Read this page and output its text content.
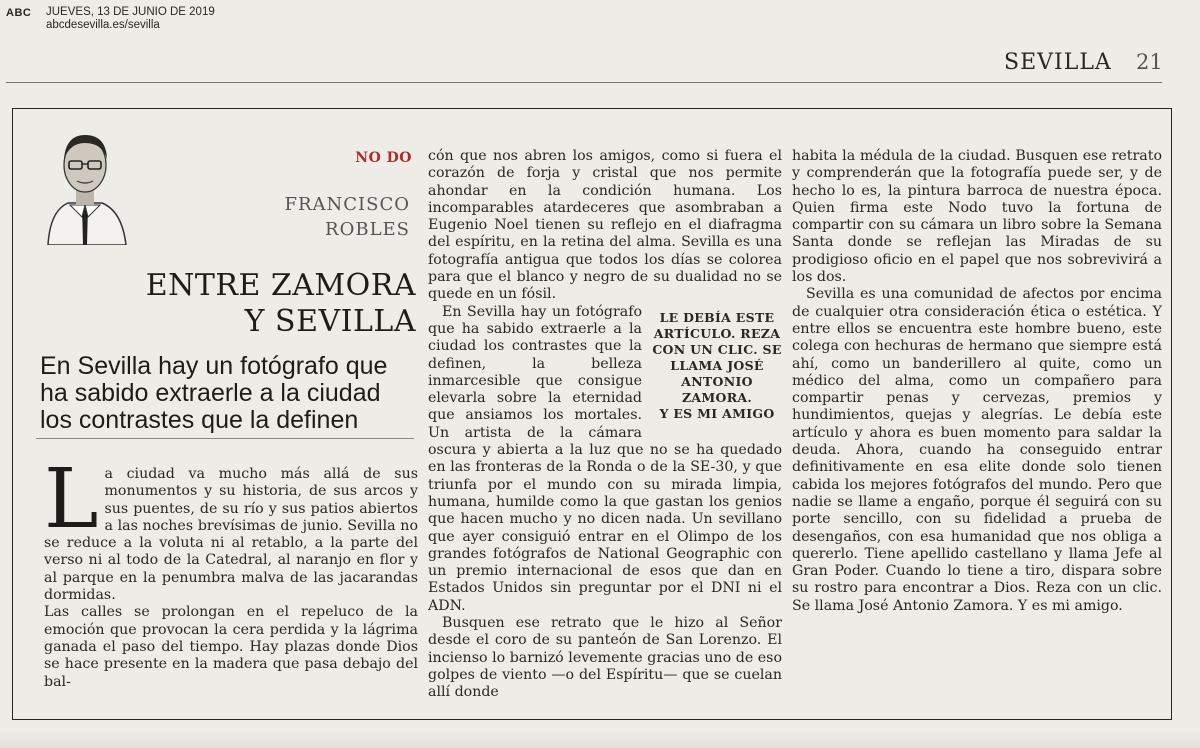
ABC JUEVES, 13 DE JUNIO DE 2019
abcdesevilla.es/sevilla
SEVILLA 21
NO DO
FRANCISCO
ROBLES
ENTRE ZAMORA
Y SEVILLA
En Sevilla hay un fotógrafo que ha sabido extraerle a la ciudad los contrastes que la definen

La ciudad va mucho más allá de sus monumentos y su historia, de sus arcos y sus puentes, de su río y sus patios abiertos a las noches brevísimas de junio. Sevilla no se reduce a la voluta ni al retablo, a la parte del verso ni al todo de la Catedral, al naranjo en flor y al parque en la penumbra malva de las jacarandas dormidas.

Las calles se prolongan en el repeluco de la emoción que provocan la cera perdida y la lágrima ganada el paso del tiempo. Hay plazas donde Dios se hace presente en la madera que pasa debajo del bal-

cón que nos abren los amigos, como si fuera el corazón de forja y cristal que nos permite ahondar en la condición humana. Los incomparables atardeceres que asombraban a Eugenio Noel tienen su reflejo en el diafragma del espíritu, en la retina del alma. Sevilla es una fotografía antigua que todos los días se colorea para que el blanco y negro de su dualidad no se quede en un fósil.

LE DEBÍA ESTE
ARTÍCULO. REZA
CON UN CLIC. SE
LLAMA JOSÉ
ANTONIO ZAMORA.
Y ES MI AMIGO

En Sevilla hay un fotógrafo que ha sabido extraerle a la ciudad los contrastes que la definen, la belleza inmarcesible que consigue elevarla sobre la eternidad que ansiamos los mortales. Un artista de la cámara oscura y abierta a la luz que no se ha quedado en las fronteras de la Ronda o de la SE-30, y que triunfa por el mundo con su mirada limpia, humana, humilde como la que gastan los genios que hacen mucho y no dicen nada. Un sevillano que ayer consiguió entrar en el Olimpo de los grandes fotógrafos de National Geographic con un premio internacional de esos que dan en Estados Unidos sin preguntar por el DNI ni el ADN.

Busquen ese retrato que le hizo al Señor desde el coro de su panteón de San Lorenzo. El incienso lo barnizó levemente gracias uno de eso golpes de viento —o del Espíritu— que se cuelan allí donde

habita la médula de la ciudad. Busquen ese retrato y comprenderán que la fotografía puede ser, y de hecho lo es, la pintura barroca de nuestra época. Quien firma este Nodo tuvo la fortuna de compartir con su cámara un libro sobre la Semana Santa donde se reflejan las Miradas de su prodigioso oficio en el papel que nos sobrevivirá a los dos.

Sevilla es una comunidad de afectos por encima de cualquier otra consideración ética o estética. Y entre ellos se encuentra este hombre bueno, este colega con hechuras de hermano que siempre está ahí, como un banderillero al quite, como un médico del alma, como un compañero para compartir penas y cervezas, premios y hundimientos, quejas y alegrías. Le debía este artículo y ahora es buen momento para saldar la deuda. Ahora, cuando ha conseguido entrar definitivamente en esa elite donde solo tienen cabida los mejores fotógrafos del mundo. Pero que nadie se llame a engaño, porque él seguirá con su porte sencillo, con su fidelidad a prueba de desengaños, con esa humanidad que nos obliga a quererlo. Tiene apellido castellano y llama Jefe al Gran Poder. Cuando lo tiene a tiro, dispara sobre su rostro para encontrar a Dios. Reza con un clic. Se llama José Antonio Zamora. Y es mi amigo.
